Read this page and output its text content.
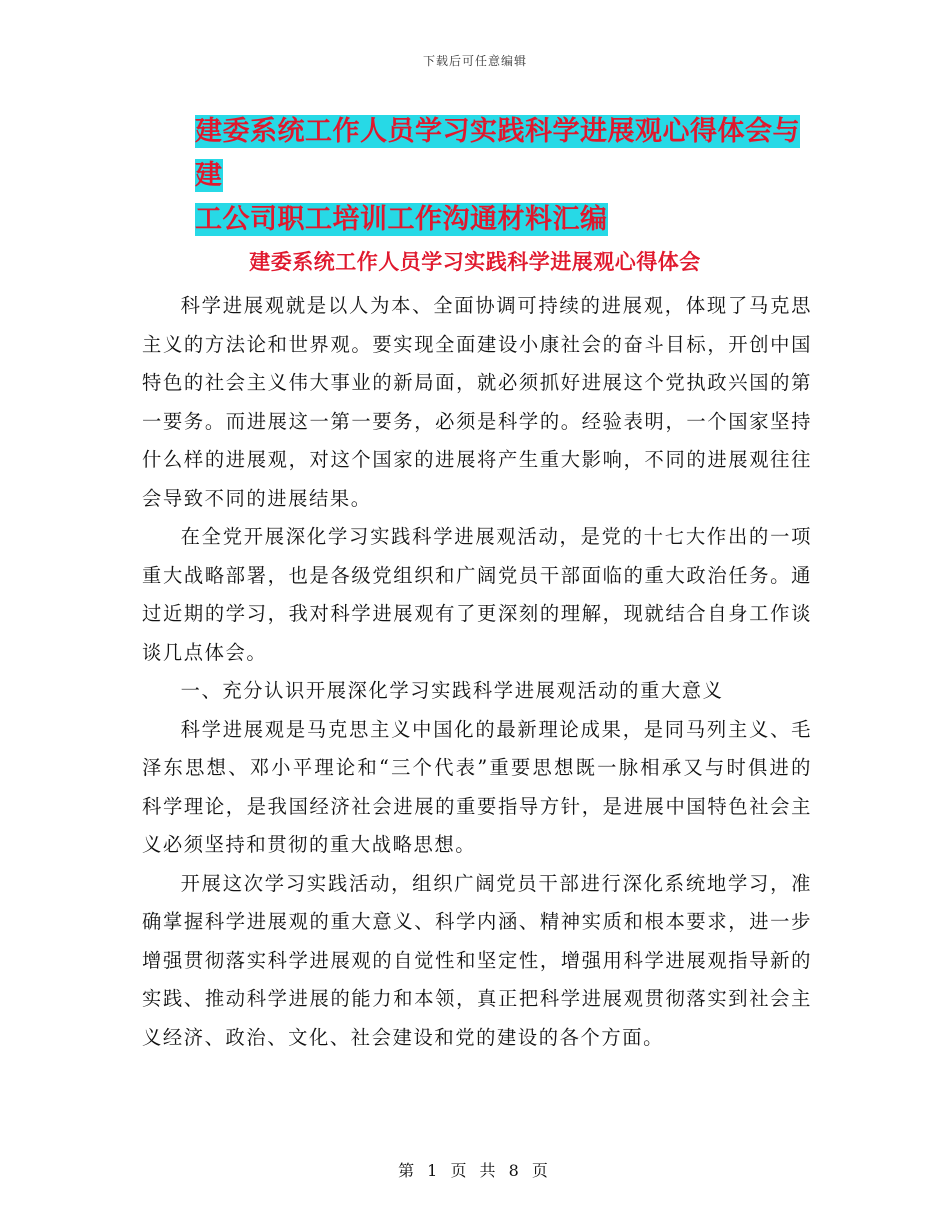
下载后可任意编辑
建委系统工作人员学习实践科学进展观心得体会与建
工公司职工培训工作沟通材料汇编
建委系统工作人员学习实践科学进展观心得体会

科学进展观就是以人为本、全面协调可持续的进展观，体现了马克思主义的方法论和世界观。要实现全面建设小康社会的奋斗目标，开创中国特色的社会主义伟大事业的新局面，就必须抓好进展这个党执政兴国的第一要务。而进展这一第一要务，必须是科学的。经验表明，一个国家坚持什么样的进展观，对这个国家的进展将产生重大影响，不同的进展观往往会导致不同的进展结果。

在全党开展深化学习实践科学进展观活动，是党的十七大作出的一项重大战略部署，也是各级党组织和广阔党员干部面临的重大政治任务。通过近期的学习，我对科学进展观有了更深刻的理解，现就结合自身工作谈谈几点体会。

一、充分认识开展深化学习实践科学进展观活动的重大意义

科学进展观是马克思主义中国化的最新理论成果，是同马列主义、毛泽东思想、邓小平理论和“三个代表”重要思想既一脉相承又与时俱进的科学理论，是我国经济社会进展的重要指导方针，是进展中国特色社会主义必须坚持和贯彻的重大战略思想。

开展这次学习实践活动，组织广阔党员干部进行深化系统地学习，准确掌握科学进展观的重大意义、科学内涵、精神实质和根本要求，进一步增强贯彻落实科学进展观的自觉性和坚定性，增强用科学进展观指导新的实践、推动科学进展的能力和本领，真正把科学进展观贯彻落实到社会主义经济、政治、文化、社会建设和党的建设的各个方面。

第 1 页 共 8 页
